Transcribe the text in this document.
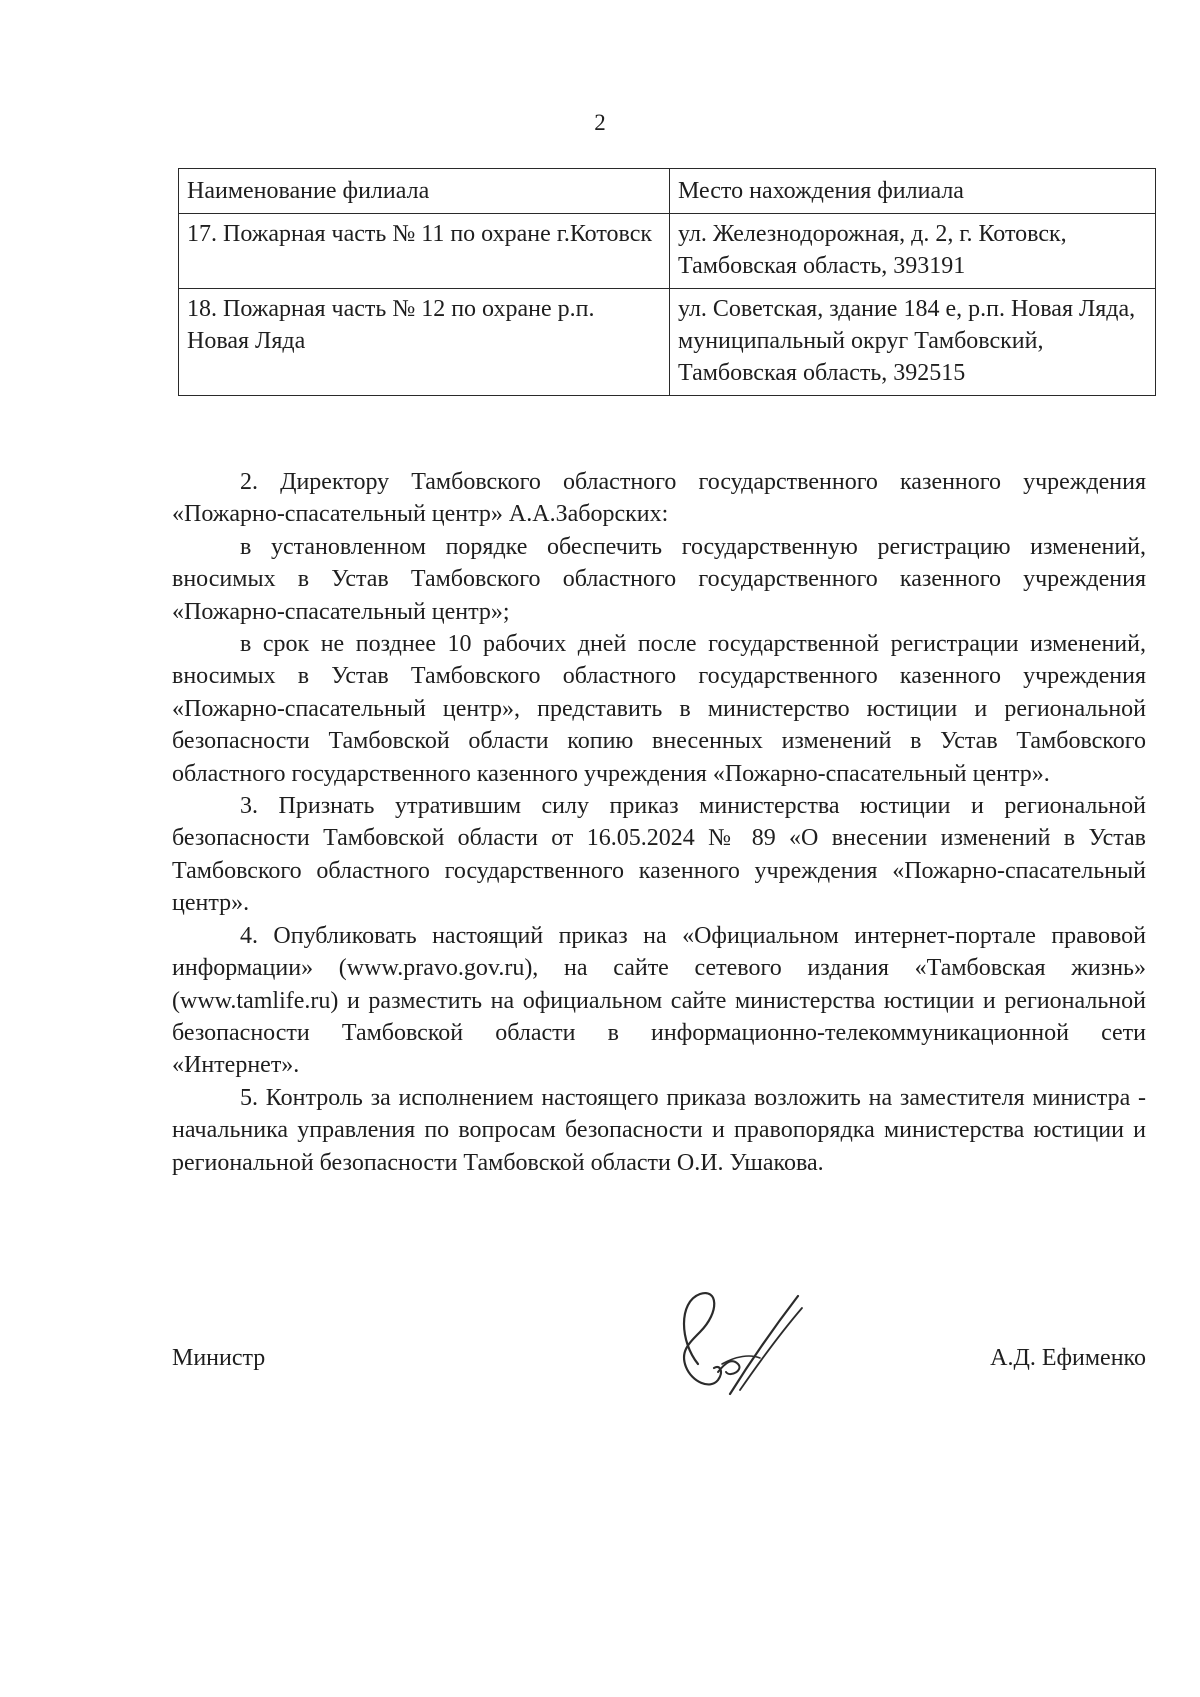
2
Наименование филиала	Место нахождения филиала
17. Пожарная часть № 11 по охране г.Котовск	ул. Железнодорожная, д. 2, г. Котовск, Тамбовская область, 393191
18. Пожарная часть № 12 по охране р.п. Новая Ляда	ул. Советская, здание 184 е, р.п. Новая Ляда, муниципальный округ Тамбовский, Тамбовская область, 392515

2. Директору Тамбовского областного государственного казенного учреждения «Пожарно-спасательный центр» А.А.Заборских:

в установленном порядке обеспечить государственную регистрацию изменений, вносимых в Устав Тамбовского областного государственного казенного учреждения «Пожарно-спасательный центр»;

в срок не позднее 10 рабочих дней после государственной регистрации изменений, вносимых в Устав Тамбовского областного государственного казенного учреждения «Пожарно-спасательный центр», представить в министерство юстиции и региональной безопасности Тамбовской области копию внесенных изменений в Устав Тамбовского областного государственного казенного учреждения «Пожарно-спасательный центр».

3. Признать утратившим силу приказ министерства юстиции и региональной безопасности Тамбовской области от 16.05.2024 № 89 «О внесении изменений в Устав Тамбовского областного государственного казенного учреждения «Пожарно-спасательный центр».

4. Опубликовать настоящий приказ на «Официальном интернет-портале правовой информации» (www.pravo.gov.ru), на сайте сетевого издания «Тамбовская жизнь» (www.tamlife.ru) и разместить на официальном сайте министерства юстиции и региональной безопасности Тамбовской области в информационно-телекоммуникационной сети «Интернет».

5. Контроль за исполнением настоящего приказа возложить на заместителя министра - начальника управления по вопросам безопасности и правопорядка министерства юстиции и региональной безопасности Тамбовской области О.И. Ушакова.

Министр	А.Д. Ефименко
